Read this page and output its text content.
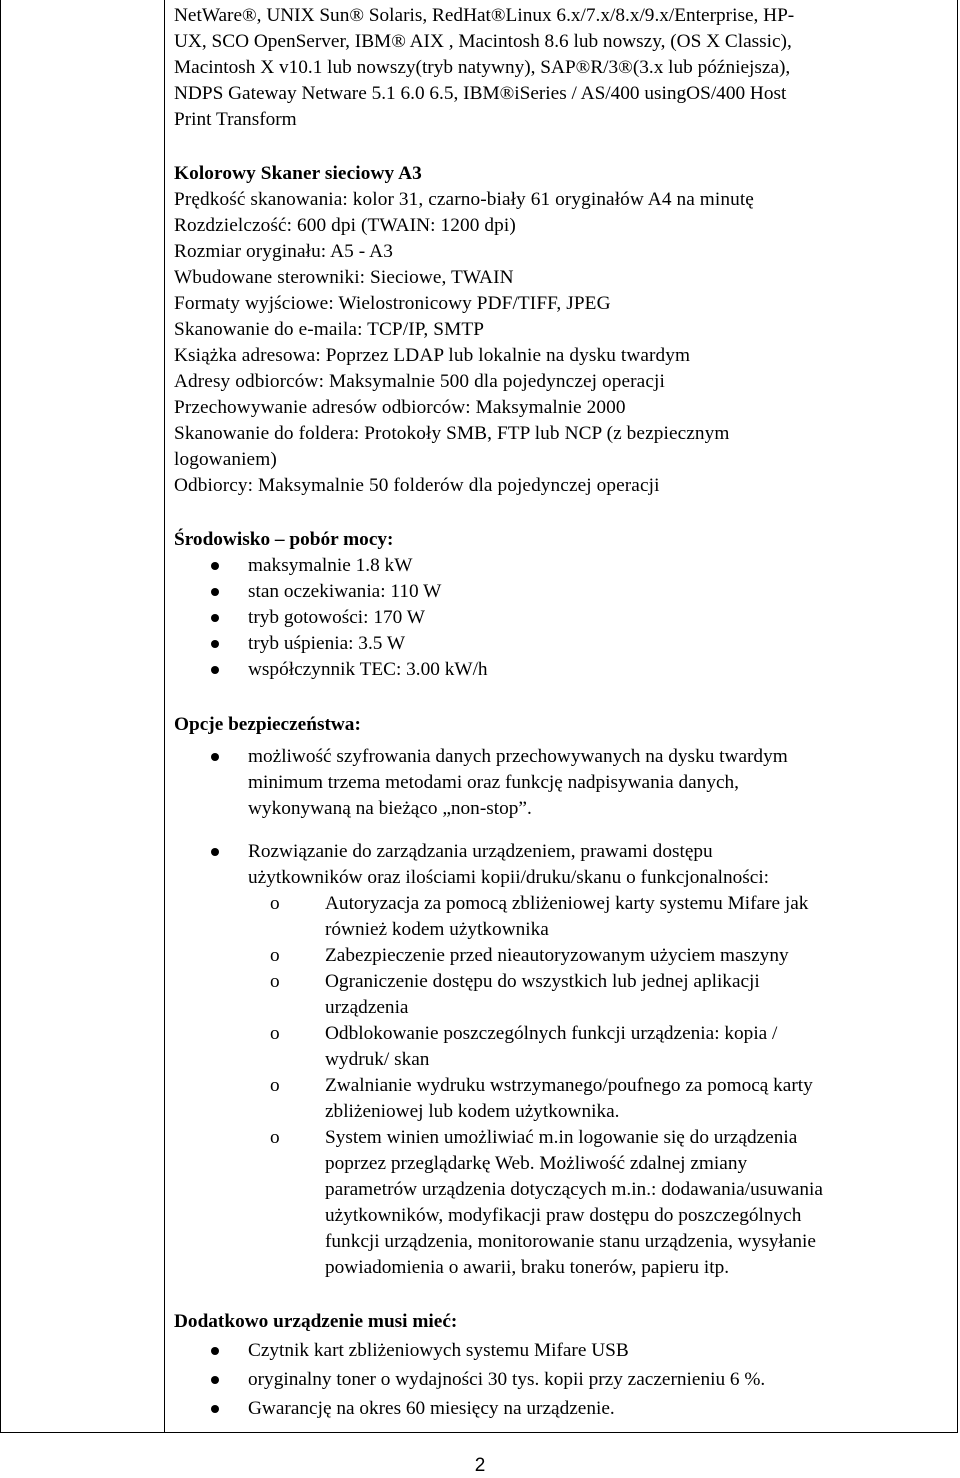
NetWare®, UNIX Sun® Solaris, RedHat®Linux 6.x/7.x/8.x/9.x/Enterprise, HP-
UX, SCO OpenServer, IBM® AIX , Macintosh 8.6 lub nowszy, (OS X Classic),
Macintosh X v10.1 lub nowszy(tryb natywny), SAP®R/3®(3.x lub późniejsza),
NDPS Gateway Netware 5.1 6.0 6.5, IBM®iSeries / AS/400 usingOS/400 Host
Print Transform
Kolorowy Skaner sieciowy A3
Prędkość skanowania: kolor 31, czarno-biały 61 oryginałów A4 na minutę
Rozdzielczość: 600 dpi (TWAIN: 1200 dpi)
Rozmiar oryginału: A5 - A3
Wbudowane sterowniki: Sieciowe, TWAIN
Formaty wyjściowe: Wielostronicowy PDF/TIFF, JPEG
Skanowanie do e-maila: TCP/IP, SMTP
Książka adresowa: Poprzez LDAP lub lokalnie na dysku twardym
Adresy odbiorców: Maksymalnie 500 dla pojedynczej operacji
Przechowywanie adresów odbiorców: Maksymalnie 2000
Skanowanie do foldera: Protokoły SMB, FTP lub NCP (z bezpiecznym
logowaniem)
Odbiorcy: Maksymalnie 50 folderów dla pojedynczej operacji
Środowisko – pobór mocy:
maksymalnie 1.8 kW
stan oczekiwania: 110 W
tryb gotowości: 170 W
tryb uśpienia: 3.5 W
współczynnik TEC: 3.00 kW/h
Opcje bezpieczeństwa:
możliwość szyfrowania danych przechowywanych na dysku twardym
minimum trzema metodami oraz funkcję nadpisywania danych,
wykonywaną na bieżąco „non-stop”.
Rozwiązanie do zarządzania urządzeniem, prawami dostępu
użytkowników oraz ilościami kopii/druku/skanu o funkcjonalności:
o Autoryzacja za pomocą zbliżeniowej karty systemu Mifare jak
również kodem użytkownika
o Zabezpieczenie przed nieautoryzowanym użyciem maszyny
o Ograniczenie dostępu do wszystkich lub jednej aplikacji
urządzenia
o Odblokowanie poszczególnych funkcji urządzenia: kopia /
wydruk/ skan
o Zwalnianie wydruku wstrzymanego/poufnego za pomocą karty
zbliżeniowej lub kodem użytkownika.
o System winien umożliwiać m.in logowanie się do urządzenia
poprzez przeglądarkę Web. Możliwość zdalnej zmiany
parametrów urządzenia dotyczących m.in.: dodawania/usuwania
użytkowników, modyfikacji praw dostępu do poszczególnych
funkcji urządzenia, monitorowanie stanu urządzenia, wysyłanie
powiadomienia o awarii, braku tonerów, papieru itp.
Dodatkowo urządzenie musi mieć:
Czytnik kart zbliżeniowych systemu Mifare USB
oryginalny toner o wydajności 30 tys. kopii przy zaczernieniu 6 %.
Gwarancję na okres 60 miesięcy na urządzenie.
2
